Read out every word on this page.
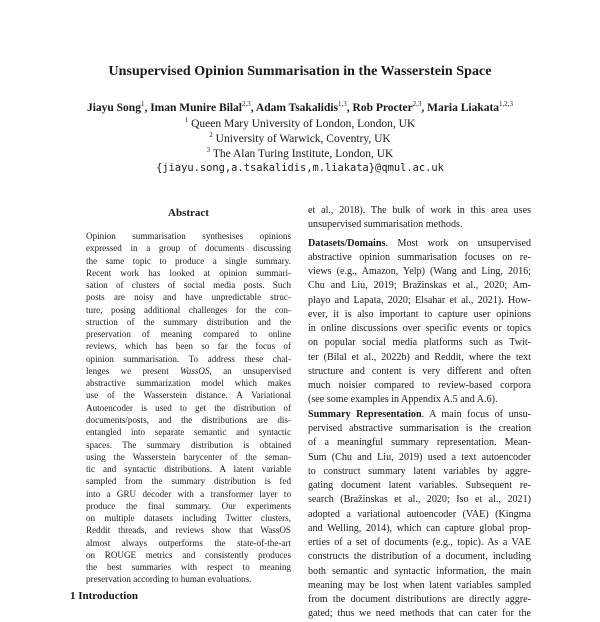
Unsupervised Opinion Summarisation in the Wasserstein Space
Jiayu Song$^1$, Iman Munire Bilal$^{2,3}$, Adam Tsakalidis$^{1,3}$, Rob Procter$^{2,3}$, Maria Liakata$^{1,2,3}$
$^1$ Queen Mary University of London, London, UK
$^2$ University of Warwick, Coventry, UK
$^3$ The Alan Turing Institute, London, UK
{jiayu.song,a.tsakalidis,m.liakata}@qmul.ac.uk
Abstract
Opinion summarisation synthesises opinions
expressed in a group of documents discussing
the same topic to produce a single summary.
Recent work has looked at opinion summari-
sation of clusters of social media posts. Such
posts are noisy and have unpredictable struc-
ture, posing additional challenges for the con-
struction of the summary distribution and the
preservation of meaning compared to online
reviews, which has been so far the focus of
opinion summarisation. To address these chal-
lenges we present WassOS, an unsupervised
abstractive summarization model which makes
use of the Wasserstein distance. A Variational
Autoencoder is used to get the distribution of
documents/posts, and the distributions are dis-
entangled into separate semantic and syntactic
spaces. The summary distribution is obtained
using the Wasserstein barycenter of the seman-
tic and syntactic distributions. A latent variable
sampled from the summary distribution is fed
into a GRU decoder with a transformer layer to
produce the final summary. Our experiments
on multiple datasets including Twitter clusters,
Reddit threads, and reviews show that WassOS
almost always outperforms the state-of-the-art
on ROUGE metrics and consistently produces
the best summaries with respect to meaning
preservation according to human evaluations.
et al., 2018). The bulk of work in this area uses
unsupervised summarisation methods.
Datasets/Domains. Most work on unsupervised
abstractive opinion summarisation focuses on re-
views (e.g., Amazon, Yelp) (Wang and Ling, 2016;
Chu and Liu, 2019; Bražinskas et al., 2020; Am-
playo and Lapata, 2020; Elsahar et al., 2021). How-
ever, it is also important to capture user opinions
in online discussions over specific events or topics
on popular social media platforms such as Twit-
ter (Bilal et al., 2022b) and Reddit, where the text
structure and content is very different and often
much noisier compared to review-based corpora
(see some examples in Appendix A.5 and A.6).
Summary Representation. A main focus of unsu-
pervised abstractive summarisation is the creation
of a meaningful summary representation. Mean-
Sum (Chu and Liu, 2019) used a text autoencoder
to construct summary latent variables by aggre-
gating document latent variables. Subsequent re-
search (Bražinskas et al., 2020; Iso et al., 2021)
adopted a variational autoencoder (VAE) (Kingma
and Welling, 2014), which can capture global prop-
erties of a set of documents (e.g., topic). As a VAE
constructs the distribution of a document, including
both semantic and syntactic information, the main
meaning may be lost when latent variables sampled
from the document distributions are directly aggre-
gated; thus we need methods that can cater for the
1 Introduction
